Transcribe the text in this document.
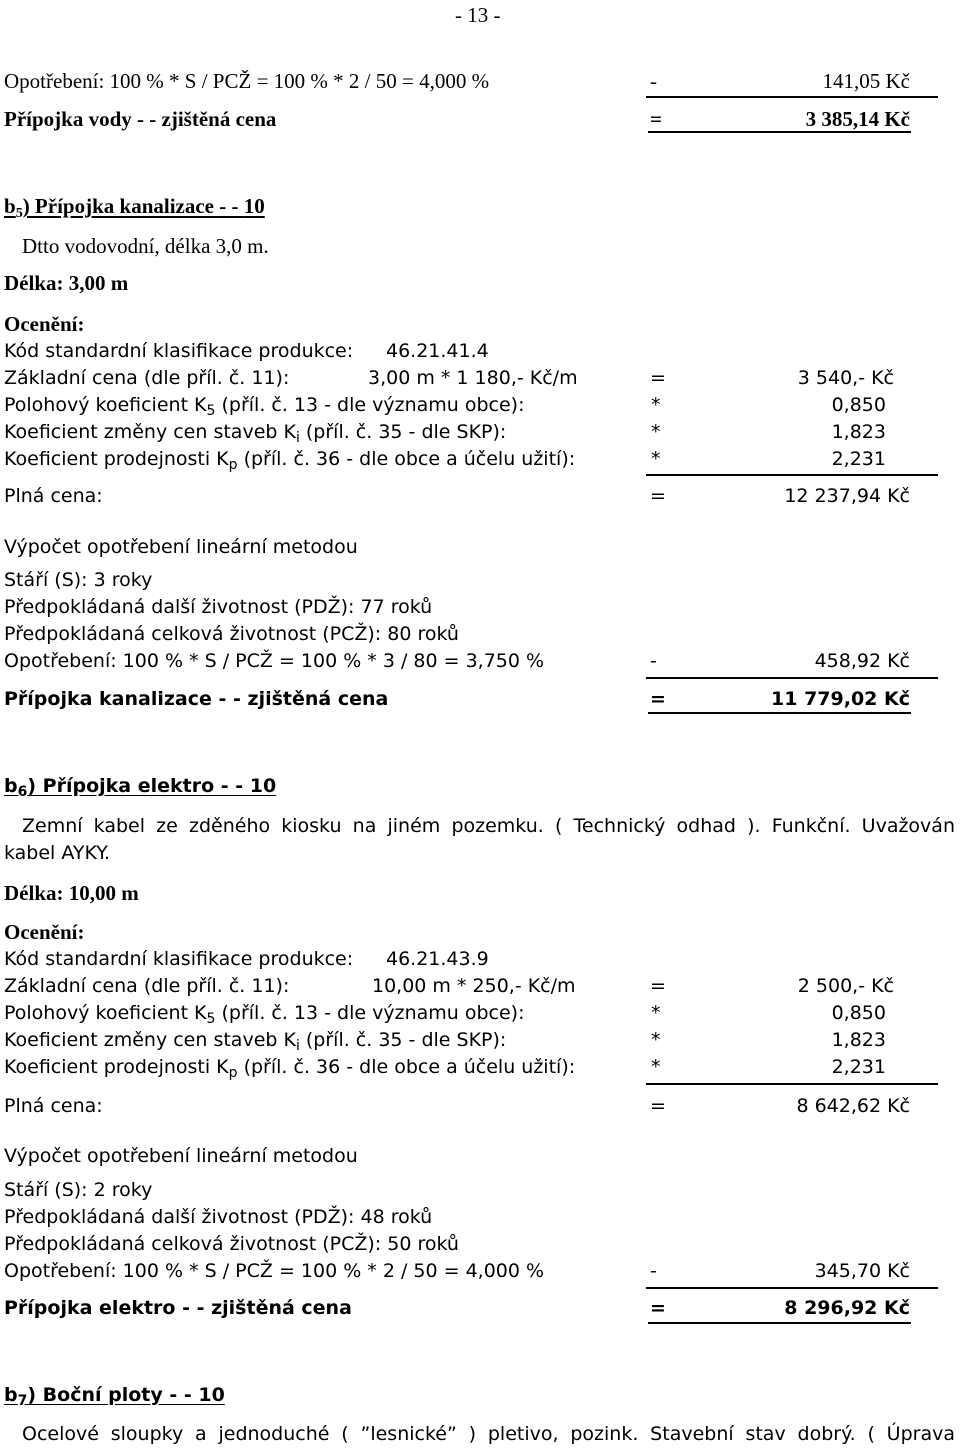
- 13 -
Opotřebení: 100 % * S / PCŽ = 100 % * 2 / 50 = 4,000 %	-	141,05 Kč
Přípojka vody - - zjištěná cena	=	3 385,14 Kč
$b_5$) Přípojka kanalizace - - 10
Dtto vodovodní, délka 3,0 m.
Délka: 3,00 m
Ocenění:
Kód standardní klasifikace produkce: 46.21.41.4
Základní cena (dle příl. č. 11):	3,00 m * 1 180,- Kč/m	=	3 540,- Kč
Polohový koeficient $K_5$ (příl. č. 13 - dle významu obce):	*	0,850
Koeficient změny cen staveb $K_i$ (příl. č. 35 - dle SKP):	*	1,823
Koeficient prodejnosti $K_p$ (příl. č. 36 - dle obce a účelu užití):	*	2,231
Plná cena:	=	12 237,94 Kč
Výpočet opotřebení lineární metodou
Stáří (S): 3 roky
Předpokládaná další životnost (PDŽ): 77 roků
Předpokládaná celková životnost (PCŽ): 80 roků
Opotřebení: 100 % * S / PCŽ = 100 % * 3 / 80 = 3,750 %	-	458,92 Kč
Přípojka kanalizace - - zjištěná cena	=	11 779,02 Kč
$b_6$) Přípojka elektro - - 10
Zemní kabel ze zděného kiosku na jiném pozemku. ( Technický odhad ). Funkční. Uvažován
kabel AYKY.
Délka: 10,00 m
Ocenění:
Kód standardní klasifikace produkce: 46.21.43.9
Základní cena (dle příl. č. 11):	10,00 m * 250,- Kč/m	=	2 500,- Kč
Polohový koeficient $K_5$ (příl. č. 13 - dle významu obce):	*	0,850
Koeficient změny cen staveb $K_i$ (příl. č. 35 - dle SKP):	*	1,823
Koeficient prodejnosti $K_p$ (příl. č. 36 - dle obce a účelu užití):	*	2,231
Plná cena:	=	8 642,62 Kč
Výpočet opotřebení lineární metodou
Stáří (S): 2 roky
Předpokládaná další životnost (PDŽ): 48 roků
Předpokládaná celková životnost (PCŽ): 50 roků
Opotřebení: 100 % * S / PCŽ = 100 % * 2 / 50 = 4,000 %	-	345,70 Kč
Přípojka elektro - - zjištěná cena	=	8 296,92 Kč
$b_7$) Boční ploty - - 10
Ocelové sloupky a jednoduché ( ”lesnické” ) pletivo, pozink. Stavební stav dobrý. ( Úprava
